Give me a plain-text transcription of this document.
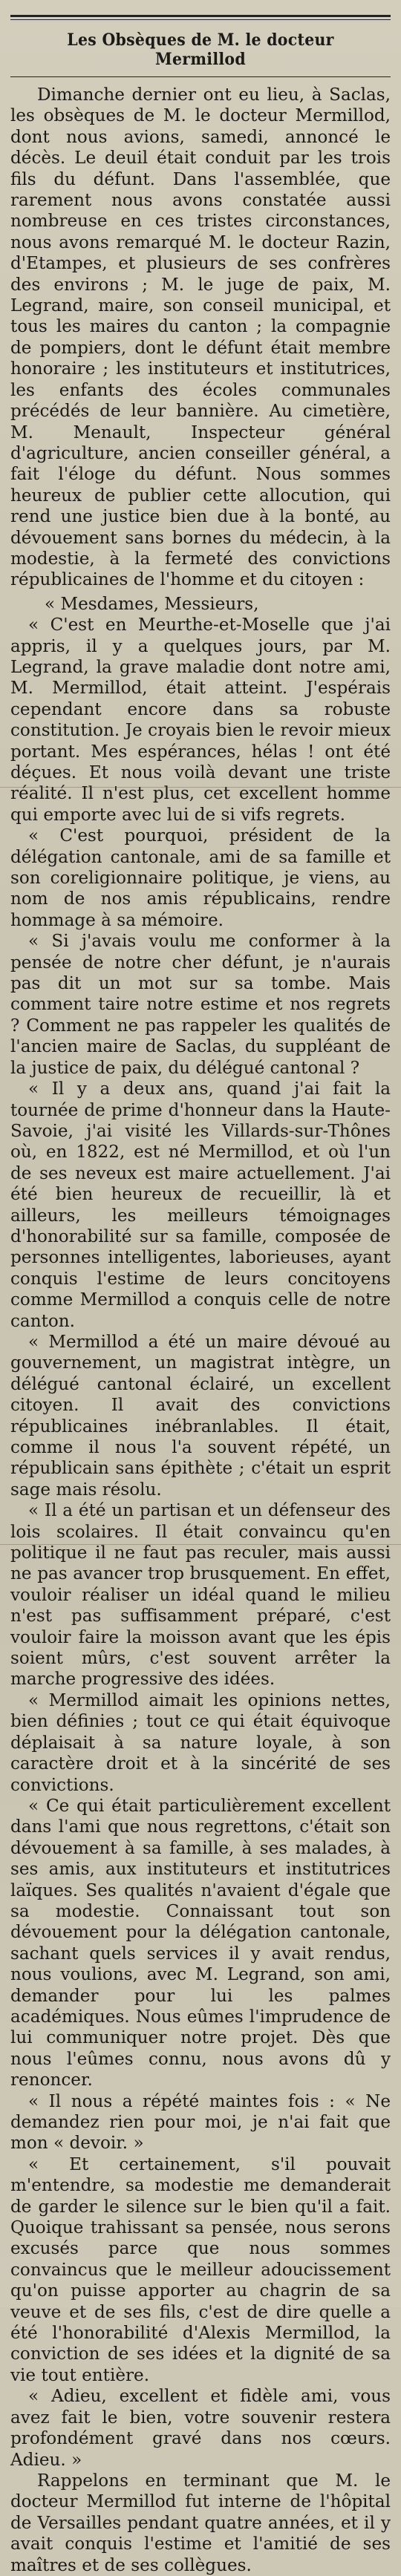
Les Obsèques de M. le docteur Mermillod

Dimanche dernier ont eu lieu, à Saclas, les obsèques de M. le docteur Mermillod, dont nous avions, samedi, annoncé le décès. Le deuil était conduit par les trois fils du défunt. Dans l'assemblée, que rarement nous avons constatée aussi nombreuse en ces tristes circonstances, nous avons remarqué M. le docteur Razin, d'Etampes, et plusieurs de ses confrères des environs ; M. le juge de paix, M. Legrand, maire, son conseil municipal, et tous les maires du canton ; la compagnie de pompiers, dont le défunt était membre honoraire ; les instituteurs et institutrices, les enfants des écoles communales précédés de leur bannière. Au cimetière, M. Menault, Inspecteur général d'agriculture, ancien conseiller général, a fait l'éloge du défunt. Nous sommes heureux de publier cette allocution, qui rend une justice bien due à la bonté, au dévouement sans bornes du médecin, à la modestie, à la fermeté des convictions républicaines de l'homme et du citoyen :

« Mesdames, Messieurs,

« C'est en Meurthe-et-Moselle que j'ai appris, il y a quelques jours, par M. Legrand, la grave maladie dont notre ami, M. Mermillod, était atteint. J'espérais cependant encore dans sa robuste constitution. Je croyais bien le revoir mieux portant. Mes espérances, hélas ! ont été déçues. Et nous voilà devant une triste réalité. Il n'est plus, cet excellent homme qui emporte avec lui de si vifs regrets.

« C'est pourquoi, président de la délégation cantonale, ami de sa famille et son coreligionnaire politique, je viens, au nom de nos amis républicains, rendre hommage à sa mémoire.

« Si j'avais voulu me conformer à la pensée de notre cher défunt, je n'aurais pas dit un mot sur sa tombe. Mais comment taire notre estime et nos regrets ? Comment ne pas rappeler les qualités de l'ancien maire de Saclas, du suppléant de la justice de paix, du délégué cantonal ?

« Il y a deux ans, quand j'ai fait la tournée de prime d'honneur dans la Haute-Savoie, j'ai visité les Villards-sur-Thônes où, en 1822, est né Mermillod, et où l'un de ses neveux est maire actuellement. J'ai été bien heureux de recueillir, là et ailleurs, les meilleurs témoignages d'honorabilité sur sa famille, composée de personnes intelligentes, laborieuses, ayant conquis l'estime de leurs concitoyens comme Mermillod a conquis celle de notre canton.

« Mermillod a été un maire dévoué au gouvernement, un magistrat intègre, un délégué cantonal éclairé, un excellent citoyen. Il avait des convictions républicaines inébranlables. Il était, comme il nous l'a souvent répété, un républicain sans épithète ; c'était un esprit sage mais résolu.

« Il a été un partisan et un défenseur des lois scolaires. Il était convaincu qu'en politique il ne faut pas reculer, mais aussi ne pas avancer trop brusquement. En effet, vouloir réaliser un idéal quand le milieu n'est pas suffisamment préparé, c'est vouloir faire la moisson avant que les épis soient mûrs, c'est souvent arrêter la marche progressive des idées.

« Mermillod aimait les opinions nettes, bien définies ; tout ce qui était équivoque déplaisait à sa nature loyale, à son caractère droit et à la sincérité de ses convictions.

« Ce qui était particulièrement excellent dans l'ami que nous regrettons, c'était son dévouement à sa famille, à ses malades, à ses amis, aux instituteurs et institutrices laïques. Ses qualités n'avaient d'égale que sa modestie. Connaissant tout son dévouement pour la délégation cantonale, sachant quels services il y avait rendus, nous voulions, avec M. Legrand, son ami, demander pour lui les palmes académiques. Nous eûmes l'imprudence de lui communiquer notre projet. Dès que nous l'eûmes connu, nous avons dû y renoncer.

« Il nous a répété maintes fois : « Ne demandez rien pour moi, je n'ai fait que mon « devoir. »

« Et certainement, s'il pouvait m'entendre, sa modestie me demanderait de garder le silence sur le bien qu'il a fait. Quoique trahissant sa pensée, nous serons excusés parce que nous sommes convaincus que le meilleur adoucissement qu'on puisse apporter au chagrin de sa veuve et de ses fils, c'est de dire quelle a été l'honorabilité d'Alexis Mermillod, la conviction de ses idées et la dignité de sa vie tout entière.

« Adieu, excellent et fidèle ami, vous avez fait le bien, votre souvenir restera profondément gravé dans nos cœurs. Adieu. »

Rappelons en terminant que M. le docteur Mermillod fut interne de l'hôpital de Versailles pendant quatre années, et il y avait conquis l'estime et l'amitié de ses maîtres et de ses collègues.
